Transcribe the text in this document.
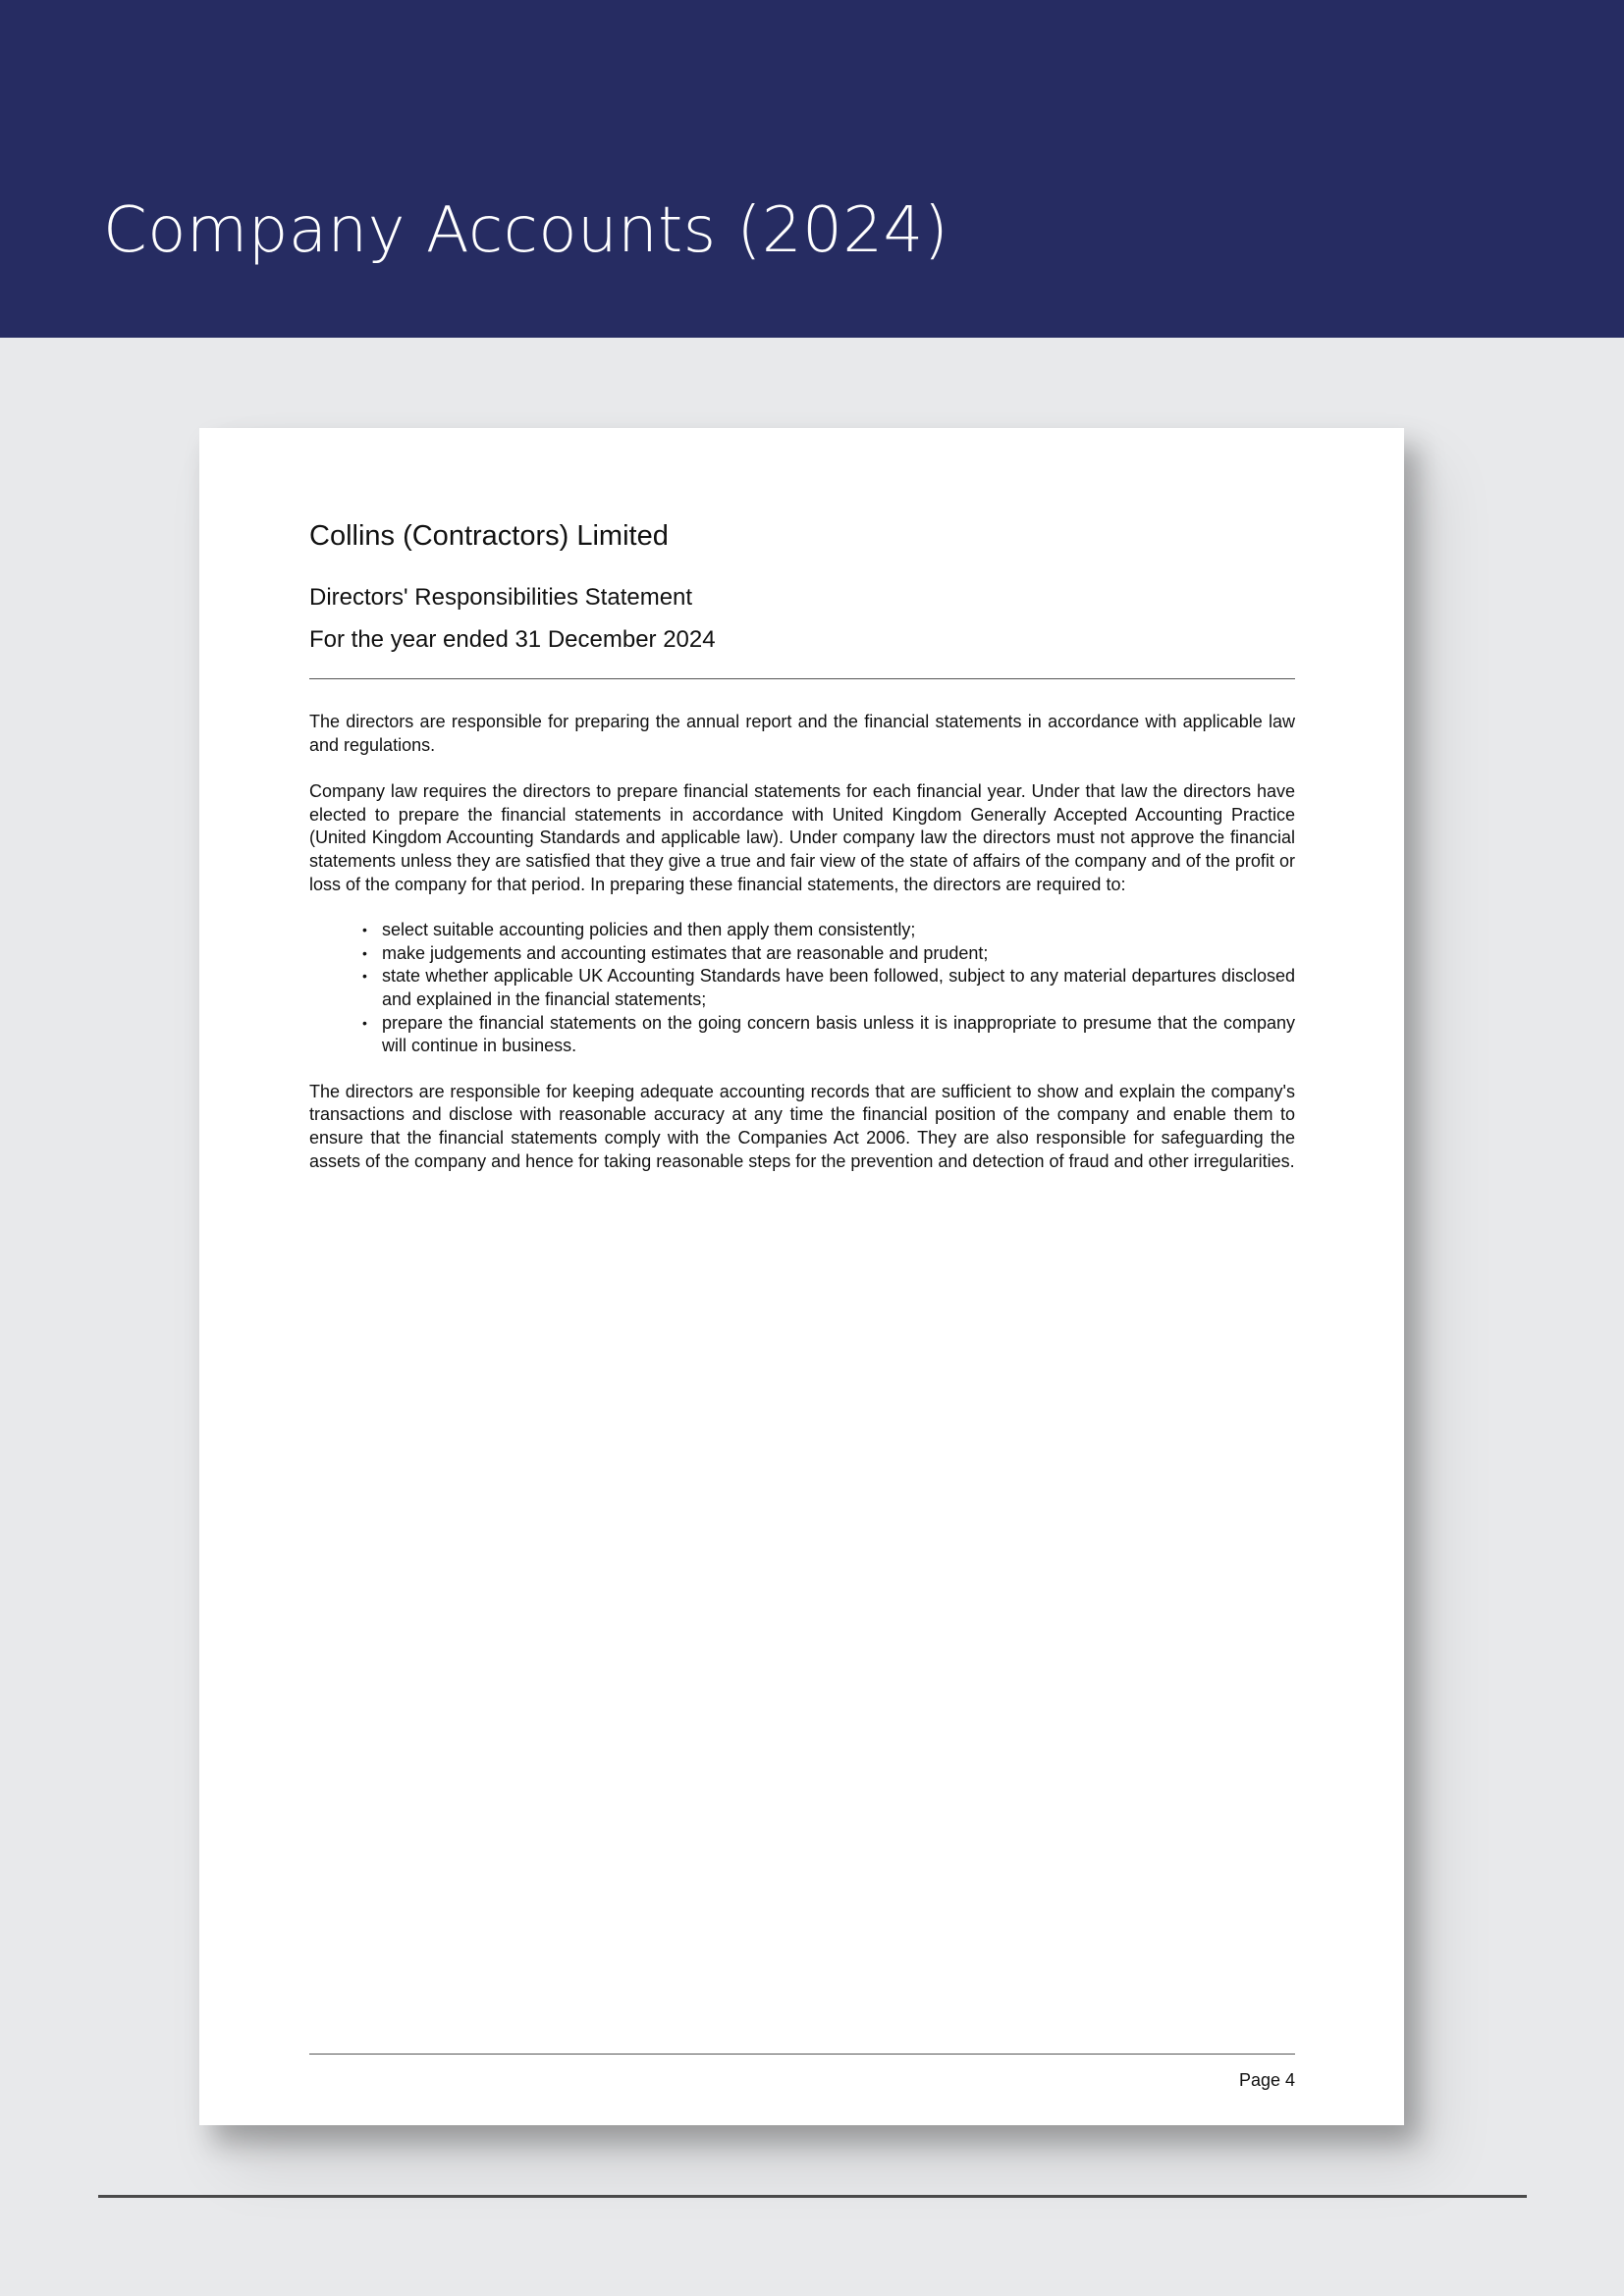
Company Accounts (2024)
Collins (Contractors) Limited
Directors' Responsibilities Statement
For the year ended 31 December 2024

The directors are responsible for preparing the annual report and the financial statements in accordance with applicable law and regulations.

Company law requires the directors to prepare financial statements for each financial year. Under that law the directors have elected to prepare the financial statements in accordance with United Kingdom Generally Accepted Accounting Practice (United Kingdom Accounting Standards and applicable law). Under company law the directors must not approve the financial statements unless they are satisfied that they give a true and fair view of the state of affairs of the company and of the profit or loss of the company for that period. In preparing these financial statements, the directors are required to:

• select suitable accounting policies and then apply them consistently;
• make judgements and accounting estimates that are reasonable and prudent;
• state whether applicable UK Accounting Standards have been followed, subject to any material departures disclosed and explained in the financial statements;
• prepare the financial statements on the going concern basis unless it is inappropriate to presume that the company will continue in business.

The directors are responsible for keeping adequate accounting records that are sufficient to show and explain the company's transactions and disclose with reasonable accuracy at any time the financial position of the company and enable them to ensure that the financial statements comply with the Companies Act 2006. They are also responsible for safeguarding the assets of the company and hence for taking reasonable steps for the prevention and detection of fraud and other irregularities.

Page 4
